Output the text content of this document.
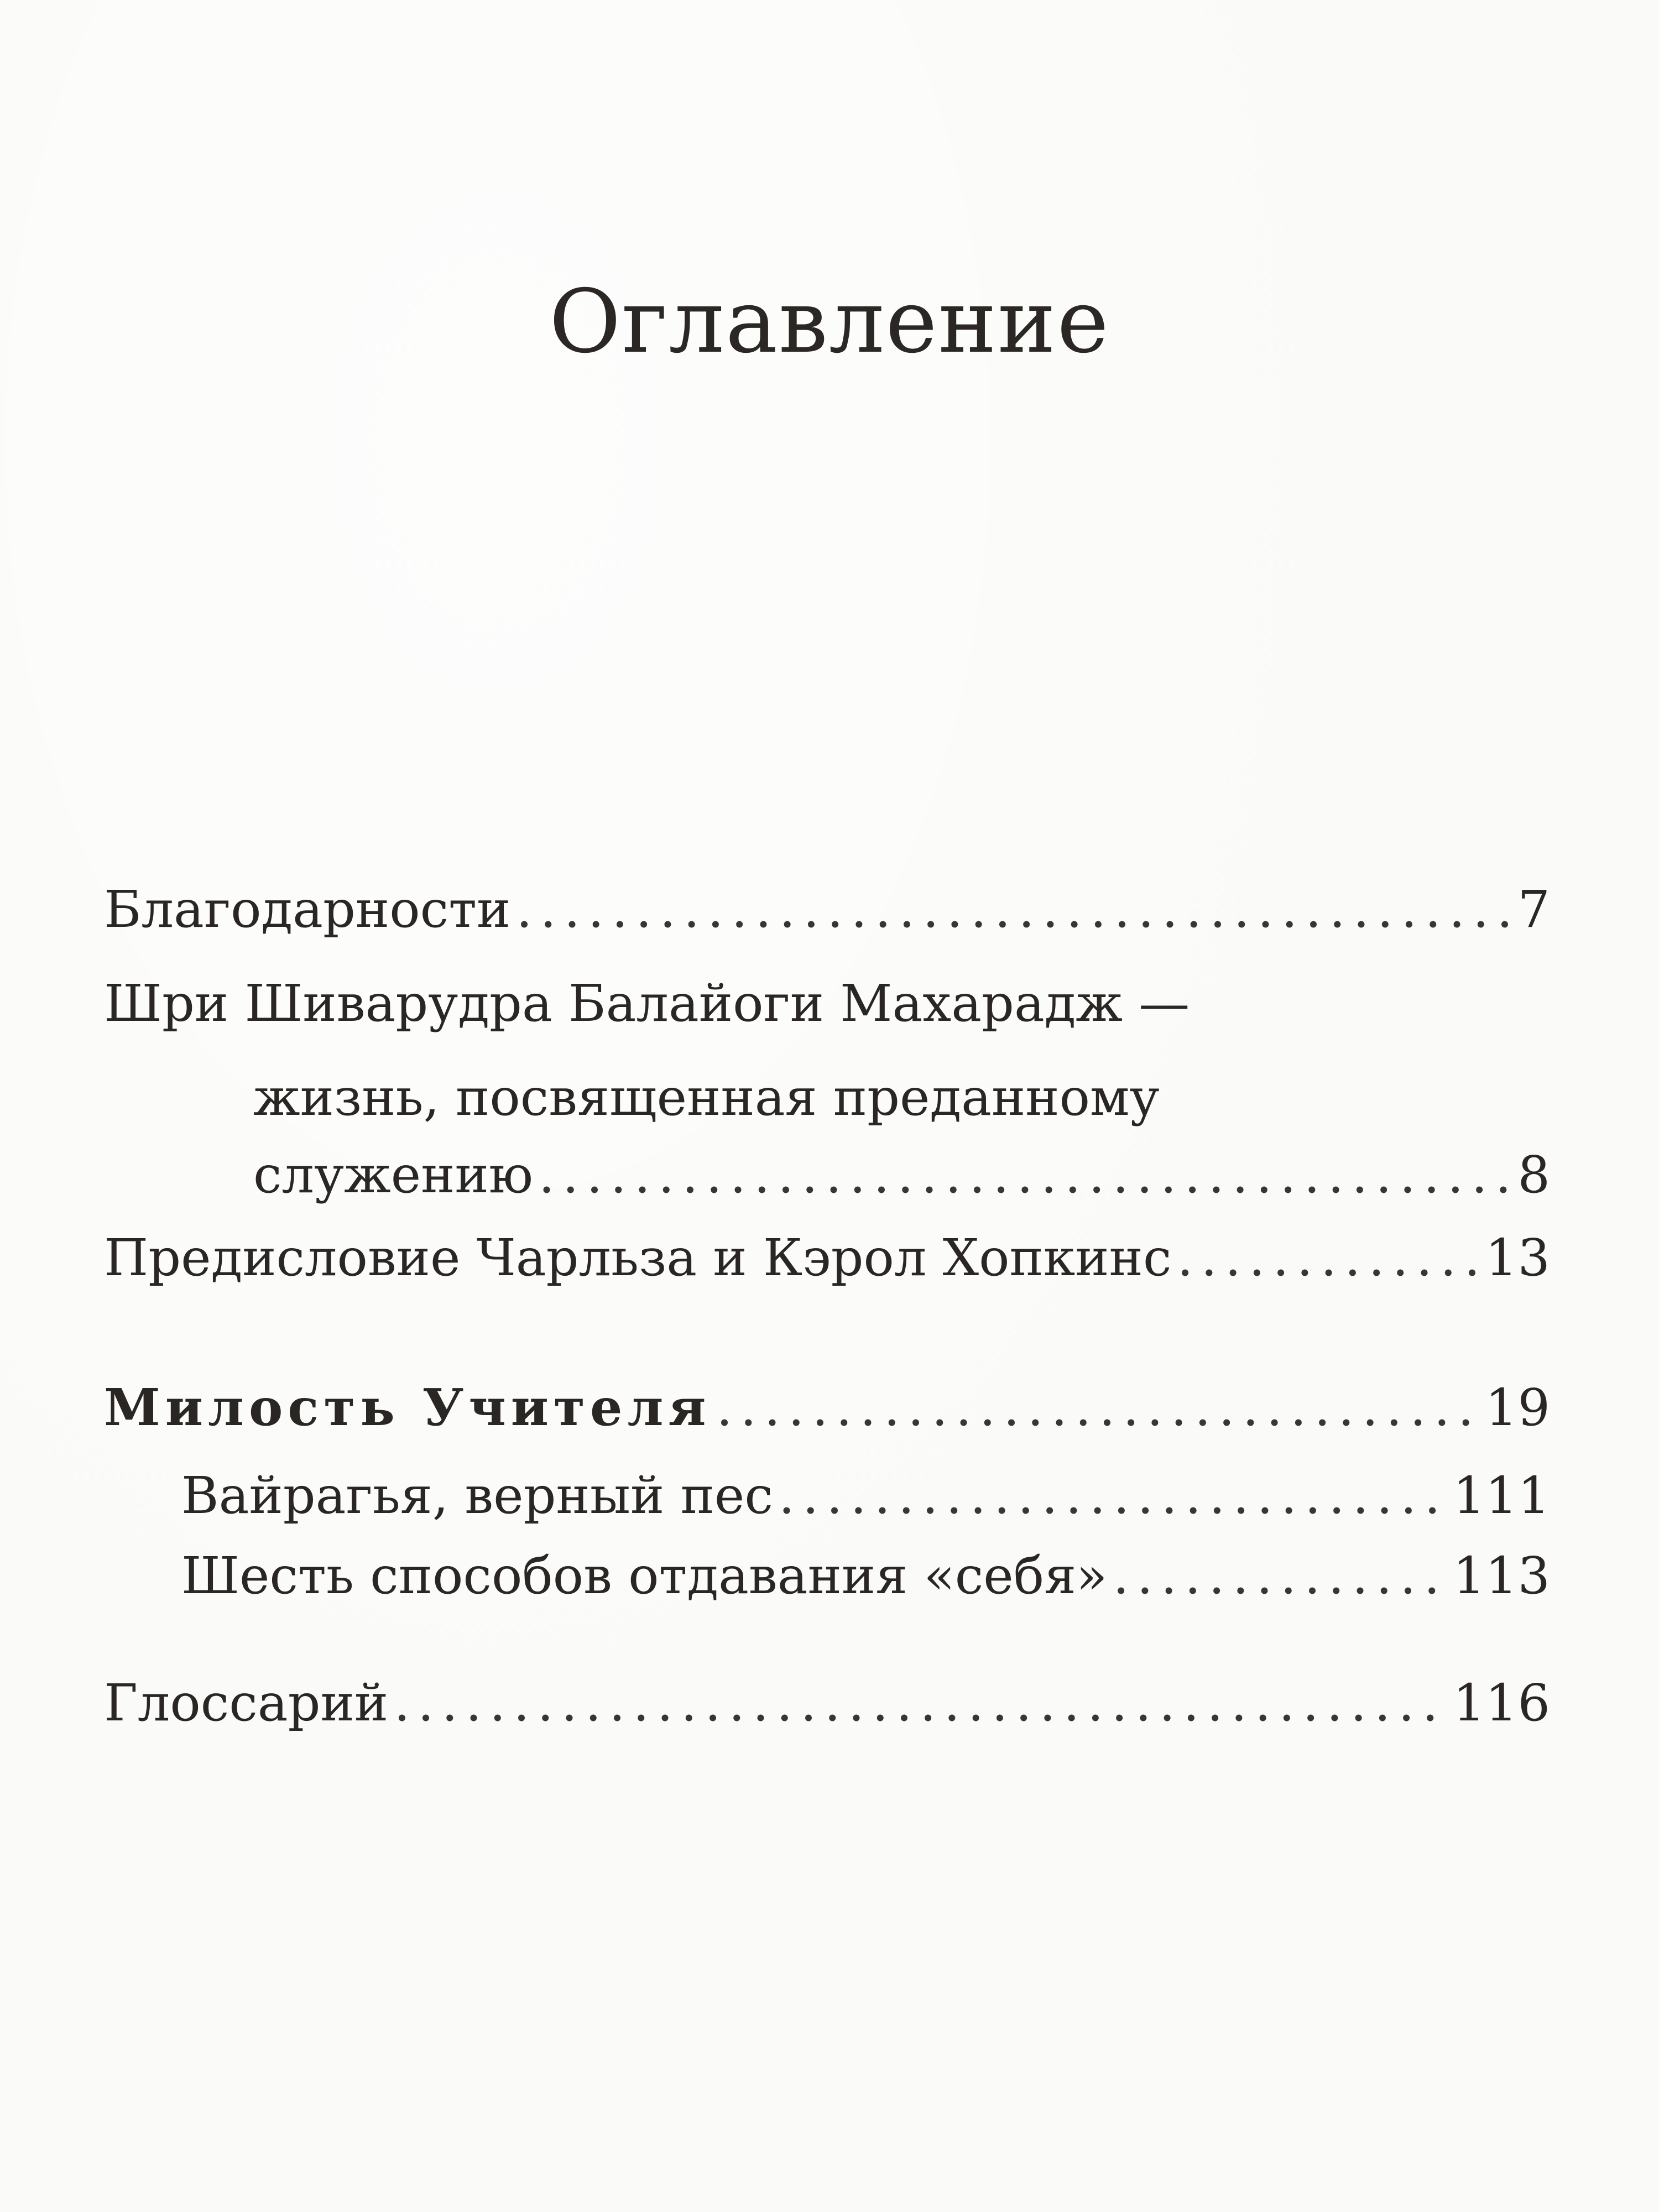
Оглавление
Благодарности .....	7
Шри Шиварудра Балайоги Махарадж —
жизнь, посвященная преданному
служению .....	8
Предисловие Чарльза и Кэрол Хопкинс .....	13
Милость Учителя .....	19
Вайрагья, верный пес .....	111
Шесть способов отдавания «себя» .....	113
Глоссарий .....	116
